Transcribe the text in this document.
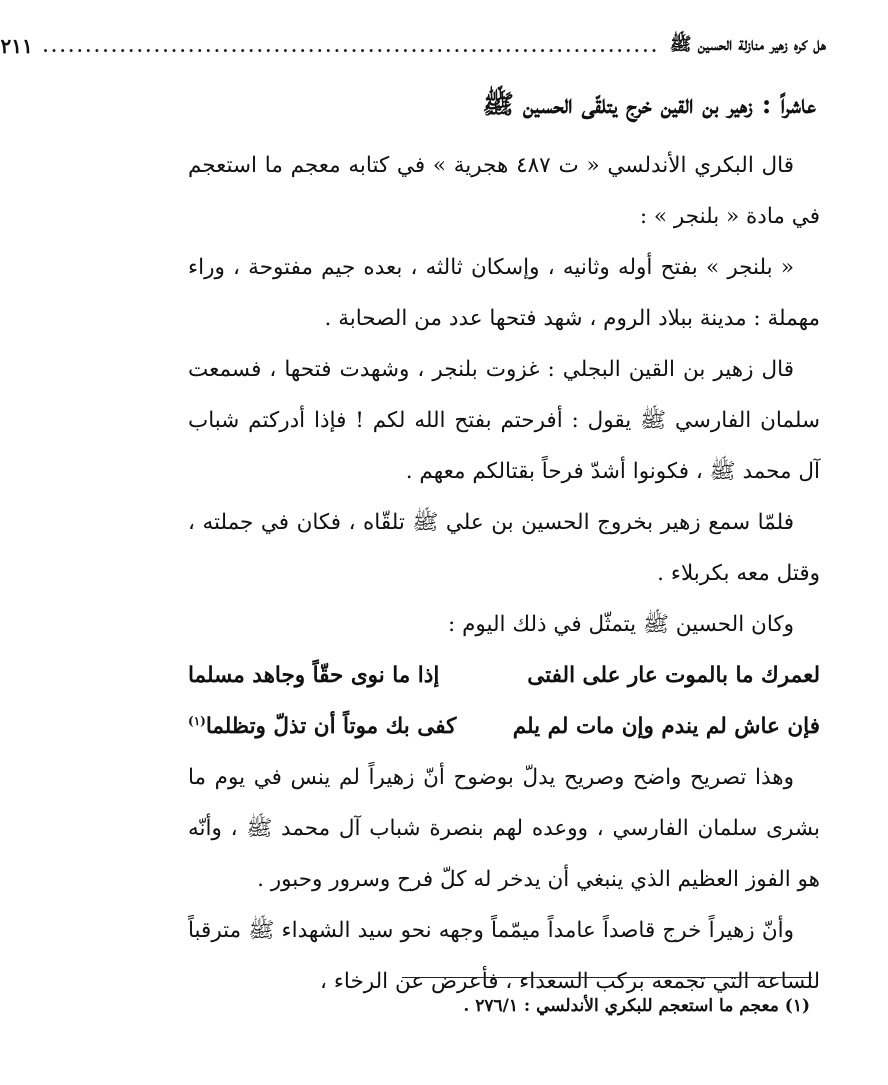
هل كره زهير منازلة الحسين ﷺ
........................................................................
٢١١
عاشراً : زهير بن القين خرج يتلقّى الحسين ﷺ

قال البكري الأندلسي « ت ٤٨٧ هجرية » في كتابه معجم ما استعجم في مادة « بلنجر » :

« بلنجر » بفتح أوله وثانيه ، وإسكان ثالثه ، بعده جيم مفتوحة ، وراء مهملة : مدينة ببلاد الروم ، شهد فتحها عدد من الصحابة .

قال زهير بن القين البجلي : غزوت بلنجر ، وشهدت فتحها ، فسمعت سلمان الفارسي ﷺ يقول : أفرحتم بفتح الله لكم ! فإذا أدركتم شباب آل محمد ﷺ ، فكونوا أشدّ فرحاً بقتالكم معهم .

فلمّا سمع زهير بخروج الحسين بن علي ﷺ تلقّاه ، فكان في جملته ، وقتل معه بكربلاء .

وكان الحسين ﷺ يتمثّل في ذلك اليوم :

لعمرك ما بالموت عار على الفتى
إذا ما نوى حقّاً وجاهد مسلما
فإن عاش لم يندم وإن مات لم يلم
كفى بك موتاً أن تذلّ وتظلما$^{(١)}$

وهذا تصريح واضح وصريح يدلّ بوضوح أنّ زهيراً لم ينس في يوم ما بشرى سلمان الفارسي ، ووعده لهم بنصرة شباب آل محمد ﷺ ، وأنّه هو الفوز العظيم الذي ينبغي أن يدخر له كلّ فرح وسرور وحبور .

وأنّ زهيراً خرج قاصداً عامداً ميمّماً وجهه نحو سيد الشهداء ﷺ مترقباً للساعة التي تجمعه بركب السعداء ، فأعرض عن الرخاء ،

(١) معجم ما استعجم للبكري الأندلسي : ٢٧٦/١ .
